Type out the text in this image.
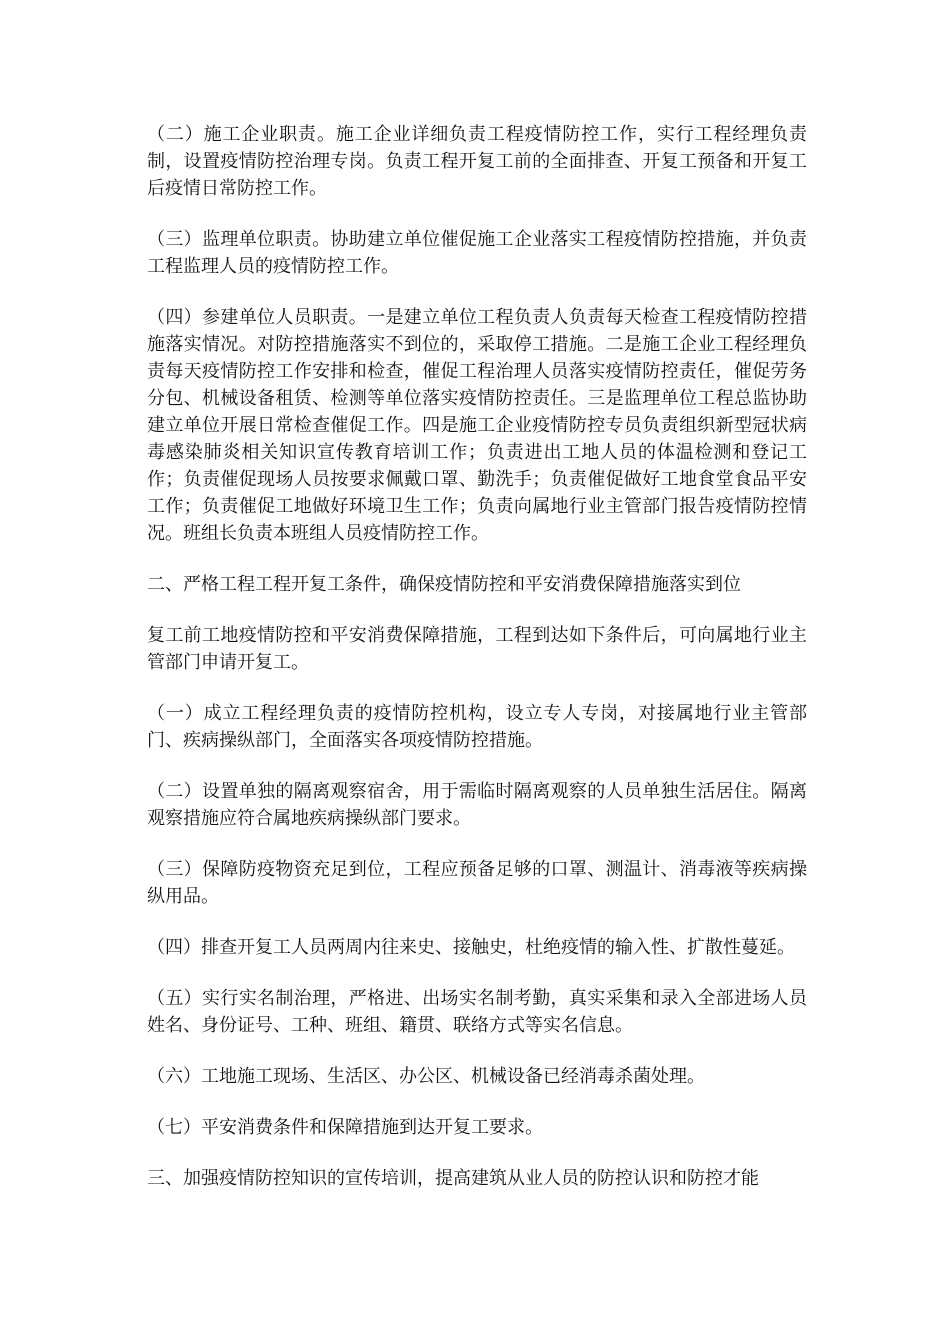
（二）施工企业职责。施工企业详细负责工程疫情防控工作，实行工程经理负责制，设置疫情防控治理专岗。负责工程开复工前的全面排查、开复工预备和开复工后疫情日常防控工作。

（三）监理单位职责。协助建立单位催促施工企业落实工程疫情防控措施，并负责工程监理人员的疫情防控工作。

（四）参建单位人员职责。一是建立单位工程负责人负责每天检查工程疫情防控措施落实情况。对防控措施落实不到位的，采取停工措施。二是施工企业工程经理负责每天疫情防控工作安排和检查，催促工程治理人员落实疫情防控责任，催促劳务分包、机械设备租赁、检测等单位落实疫情防控责任。三是监理单位工程总监协助建立单位开展日常检查催促工作。四是施工企业疫情防控专员负责组织新型冠状病毒感染肺炎相关知识宣传教育培训工作；负责进出工地人员的体温检测和登记工作；负责催促现场人员按要求佩戴口罩、勤洗手；负责催促做好工地食堂食品平安工作；负责催促工地做好环境卫生工作；负责向属地行业主管部门报告疫情防控情况。班组长负责本班组人员疫情防控工作。

二、严格工程工程开复工条件，确保疫情防控和平安消费保障措施落实到位

复工前工地疫情防控和平安消费保障措施，工程到达如下条件后，可向属地行业主管部门申请开复工。

（一）成立工程经理负责的疫情防控机构，设立专人专岗，对接属地行业主管部门、疾病操纵部门，全面落实各项疫情防控措施。

（二）设置单独的隔离观察宿舍，用于需临时隔离观察的人员单独生活居住。隔离观察措施应符合属地疾病操纵部门要求。

（三）保障防疫物资充足到位，工程应预备足够的口罩、测温计、消毒液等疾病操纵用品。

（四）排查开复工人员两周内往来史、接触史，杜绝疫情的输入性、扩散性蔓延。

（五）实行实名制治理，严格进、出场实名制考勤，真实采集和录入全部进场人员姓名、身份证号、工种、班组、籍贯、联络方式等实名信息。

（六）工地施工现场、生活区、办公区、机械设备已经消毒杀菌处理。

（七）平安消费条件和保障措施到达开复工要求。

三、加强疫情防控知识的宣传培训，提高建筑从业人员的防控认识和防控才能
